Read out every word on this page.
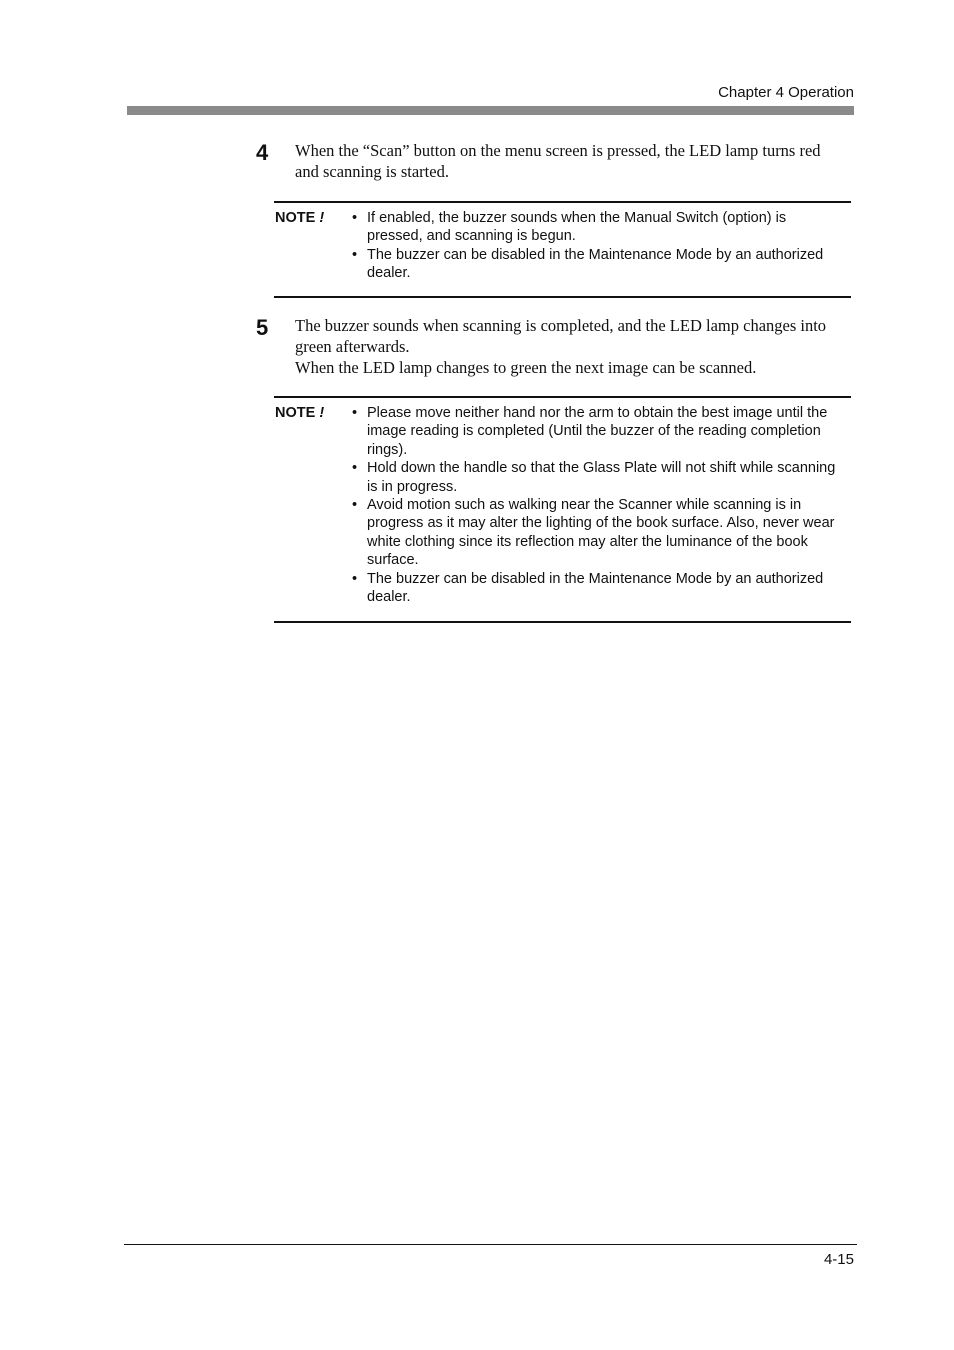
Chapter 4 Operation
4 When the “Scan” button on the menu screen is pressed, the LED lamp turns red and scanning is started.

NOTE ! • If enabled, the buzzer sounds when the Manual Switch (option) is pressed, and scanning is begun.
• The buzzer can be disabled in the Maintenance Mode by an authorized dealer.
5 The buzzer sounds when scanning is completed, and the LED lamp changes into green afterwards.

When the LED lamp changes to green the next image can be scanned.

NOTE ! • Please move neither hand nor the arm to obtain the best image until the image reading is completed (Until the buzzer of the reading completion rings).
• Hold down the handle so that the Glass Plate will not shift while scanning is in progress.
• Avoid motion such as walking near the Scanner while scanning is in progress as it may alter the lighting of the book surface. Also, never wear white clothing since its reflection may alter the luminance of the book surface.
• The buzzer can be disabled in the Maintenance Mode by an authorized dealer.
4-15
